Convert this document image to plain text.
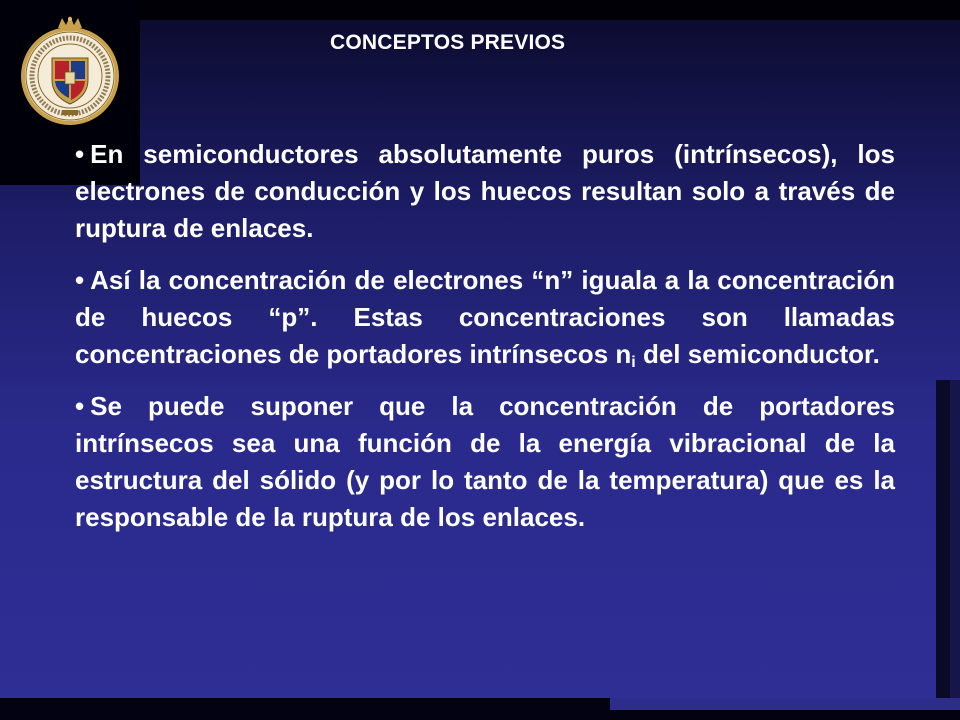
CONCEPTOS PREVIOS

• En semiconductores absolutamente puros (intrínsecos), los electrones de conducción y los huecos resultan solo a través de ruptura de enlaces.

• Así la concentración de electrones “n” iguala a la concentración de huecos “p”. Estas concentraciones son llamadas concentraciones de portadores intrínsecos $n_i$ del semiconductor.

• Se puede suponer que la concentración de portadores intrínsecos sea una función de la energía vibracional de la estructura del sólido (y por lo tanto de la temperatura) que es la responsable de la ruptura de los enlaces.
